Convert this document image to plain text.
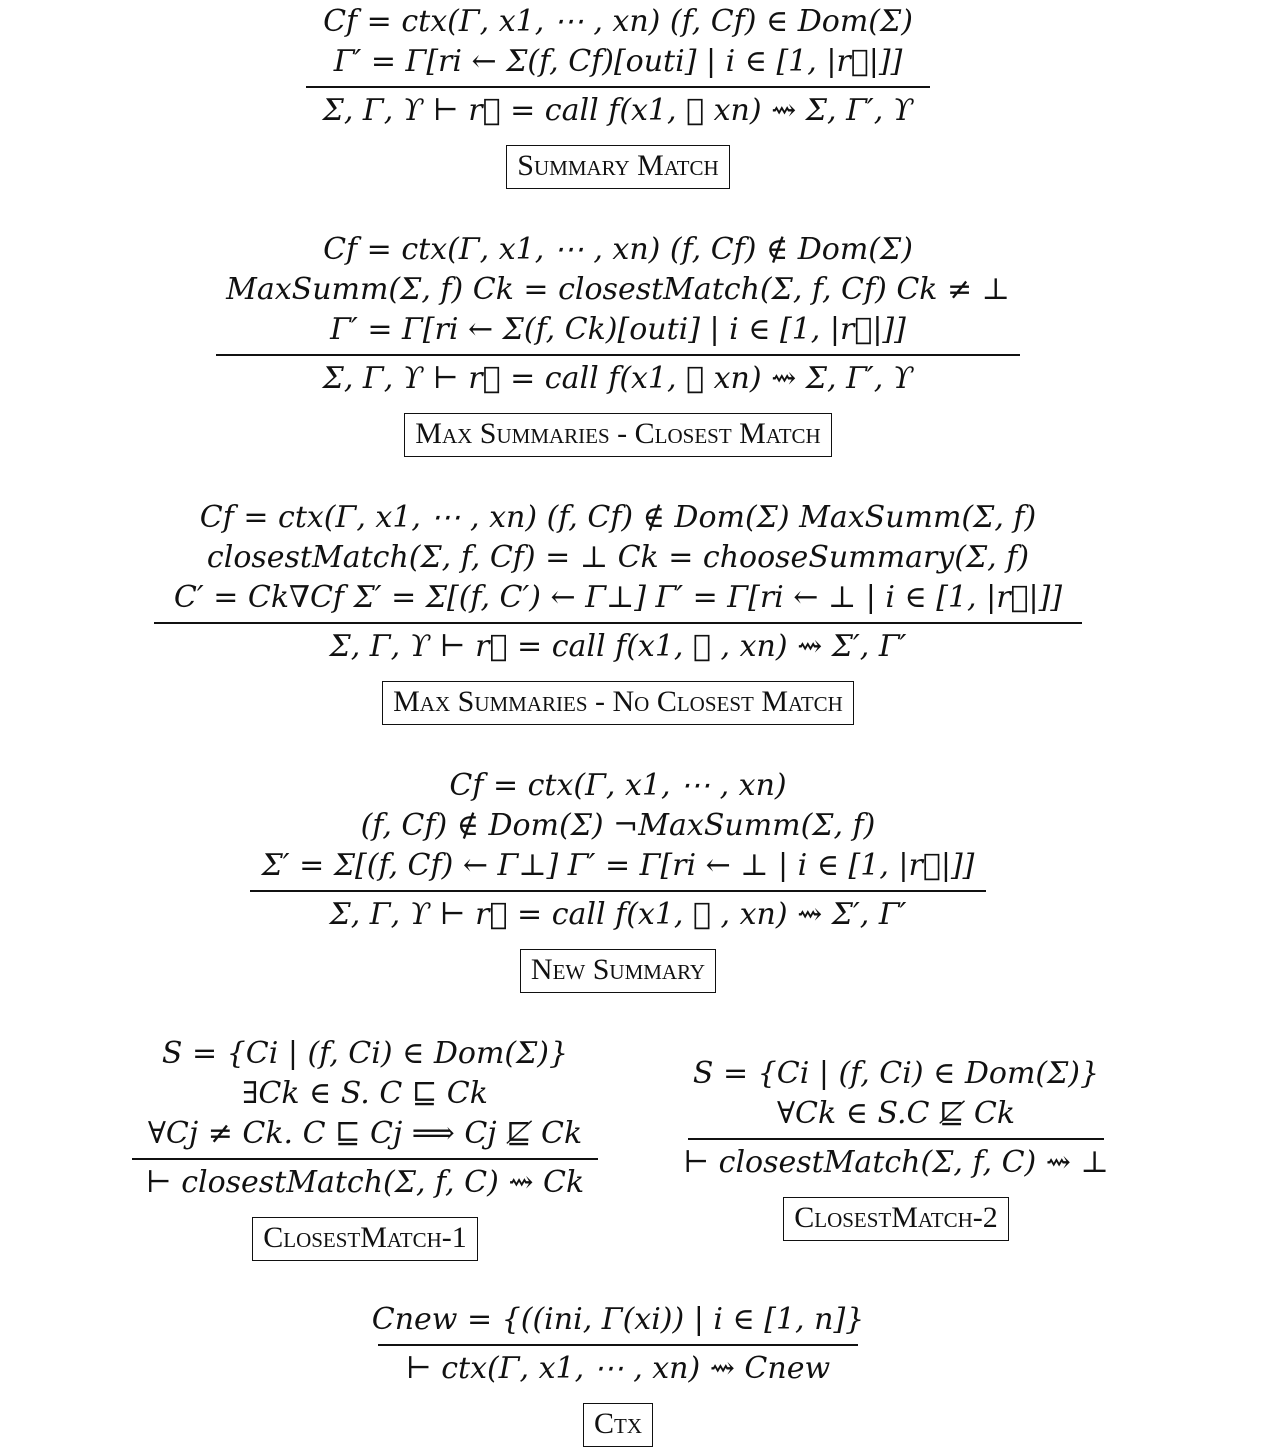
Cf = ctx(Γ, x1, ⋯ , xn) (f, Cf) ∈ Dom(Σ)
Γ′ = Γ[ri ← Σ(f, Cf)[outi] | i ∈ [1, |r⃗|]]
Σ, Γ, ϒ ⊢ r⃗ = call f(x1, ⋯ xn) ⇝ Σ, Γ′, ϒ
Summary Match
Cf = ctx(Γ, x1, ⋯ , xn) (f, Cf) ∉ Dom(Σ)
MaxSumm(Σ, f) Ck = closestMatch(Σ, f, Cf) Ck ≠ ⊥
Γ′ = Γ[ri ← Σ(f, Ck)[outi] | i ∈ [1, |r⃗|]]
Σ, Γ, ϒ ⊢ r⃗ = call f(x1, ⋯ xn) ⇝ Σ, Γ′, ϒ
Max Summaries - Closest Match
Cf = ctx(Γ, x1, ⋯ , xn) (f, Cf) ∉ Dom(Σ) MaxSumm(Σ, f)
closestMatch(Σ, f, Cf) = ⊥ Ck = chooseSummary(Σ, f)
C′ = Ck∇Cf Σ′ = Σ[(f, C′) ← Γ⊥] Γ′ = Γ[ri ← ⊥ | i ∈ [1, |r⃗|]]
Σ, Γ, ϒ ⊢ r⃗ = call f(x1, ⋯ , xn) ⇝ Σ′, Γ′
Max Summaries - No Closest Match
Cf = ctx(Γ, x1, ⋯ , xn)
(f, Cf) ∉ Dom(Σ) ¬MaxSumm(Σ, f)
Σ′ = Σ[(f, Cf) ← Γ⊥] Γ′ = Γ[ri ← ⊥ | i ∈ [1, |r⃗|]]
Σ, Γ, ϒ ⊢ r⃗ = call f(x1, ⋯ , xn) ⇝ Σ′, Γ′
New Summary
S = {Ci | (f, Ci) ∈ Dom(Σ)}
∃Ck ∈ S. C ⊑ Ck
∀Cj ≠ Ck. C ⊑ Cj ⟹ Cj ⋢ Ck
⊢ closestMatch(Σ, f, C) ⇝ Ck
ClosestMatch-1
S = {Ci | (f, Ci) ∈ Dom(Σ)}
∀Ck ∈ S.C ⋢ Ck
⊢ closestMatch(Σ, f, C) ⇝ ⊥
ClosestMatch-2
Cnew = {((ini, Γ(xi)) | i ∈ [1, n]}
⊢ ctx(Γ, x1, ⋯ , xn) ⇝ Cnew
Ctx
